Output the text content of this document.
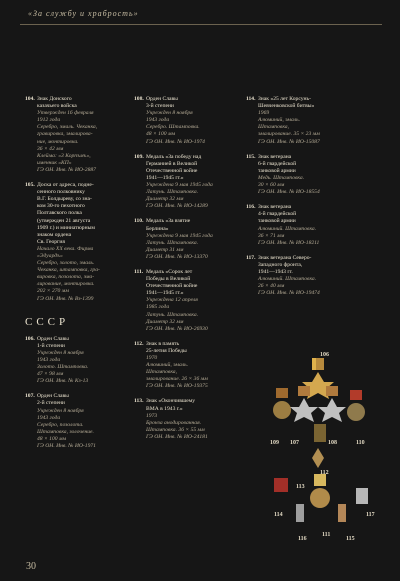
«За службу и храбрость»
104. Знак Донского
казачьего войска
Утвержден 16 февраля
1912 года
Серебро, эмаль. Чеканка,
гравировка, эмалирова-
ние, монтировка.
36 × 42 мм
Клейма: «3 Корпъмъ»,
именник «КП»
ГЭ ОН. Инв. № ИО-2887
105. Доска от адреса, подне-
сенного полковнику
В.Г. Болдыреву, со зна-
ком 30-го пехотного
Полтавского полка
(утвержден 21 августа
1909 г.) и миниатюрным
знаком ордена
Св. Георгия
Начало XX века. Фирма
«Эдуардъ»
Серебро, золото, эмаль.
Чеканка, штамповка, гра-
вировка, позолота, эма-
лирование, монтировка.
202 × 270 мм
ГЭ ОН. Инв. № Вз-1399
СССР
106. Орден Славы
1-й степени
Учрежден 8 ноября
1943 года
Золото. Штамповка.
47 × 98 мм
ГЭ ОН. Инв. № Кз-13
107. Орден Славы
2-й степени
Учрежден 8 ноября
1943 года
Серебро, позолота.
Штамповка, золочение.
48 × 100 мм
ГЭ ОН. Инв. № ИО-1971
108. Орден Славы
3-й степени
Учрежден 8 ноября
1943 года
Серебро. Штамповка.
48 × 100 мм
ГЭ ОН. Инв. № ИО-1974
109. Медаль «За победу над
Германией в Великой
Отечественной войне
1941—1945 гг.»
Учреждена 9 мая 1945 года
Латунь. Штамповка.
Диаметр 32 мм
ГЭ ОН. Инв. № ИО-14289
110. Медаль «За взятие
Берлина»
Учреждена 9 мая 1945 года
Латунь. Штамповка.
Диаметр 31 мм
ГЭ ОН. Инв. № ИО-13370
111. Медаль «Сорок лет
Победы в Великой
Отечественной войне
1941—1945 гг.»
Учреждена 12 апреля
1985 года
Латунь. Штамповка.
Диаметр 32 мм
ГЭ ОН. Инв. № ИО-26930
112. Знак в память
25-летия Победы
1970
Алюминий, эмаль.
Штамповка,
эмалирование. 26 × 36 мм
ГЭ ОН. Инв. № ИО-19375
113. Знак «Окончившему
ВМА в 1943 г.»
1973
Бронза анодированная.
Штамповка. 36 × 55 мм
ГЭ ОН. Инв. № ИО-24181
114. Знак «25 лет Корсунь-
Шевченковской битвы»
1969
Алюминий, эмаль.
Штамповка,
эмалирование. 35 × 23 мм
ГЭ ОН. Инв. № ИО-15087
115. Знак ветерана
6-й гвардейской
танковой армии
Медь. Штамповка.
30 × 60 мм
ГЭ ОН. Инв. № ИО-18554
116. Знак ветерана
4-й гвардейской
танковой армии
Алюминий. Штамповка.
36 × 71 мм
ГЭ ОН. Инв. № ИО-18211
117. Знак ветерана Северо-
Западного фронта,
1941—1943 гг.
Алюминий. Штамповка.
26 × 40 мм
ГЭ ОН. Инв. № ИО-19474
106
109 107	108	110
112
113
114
111
116	115
117
30
